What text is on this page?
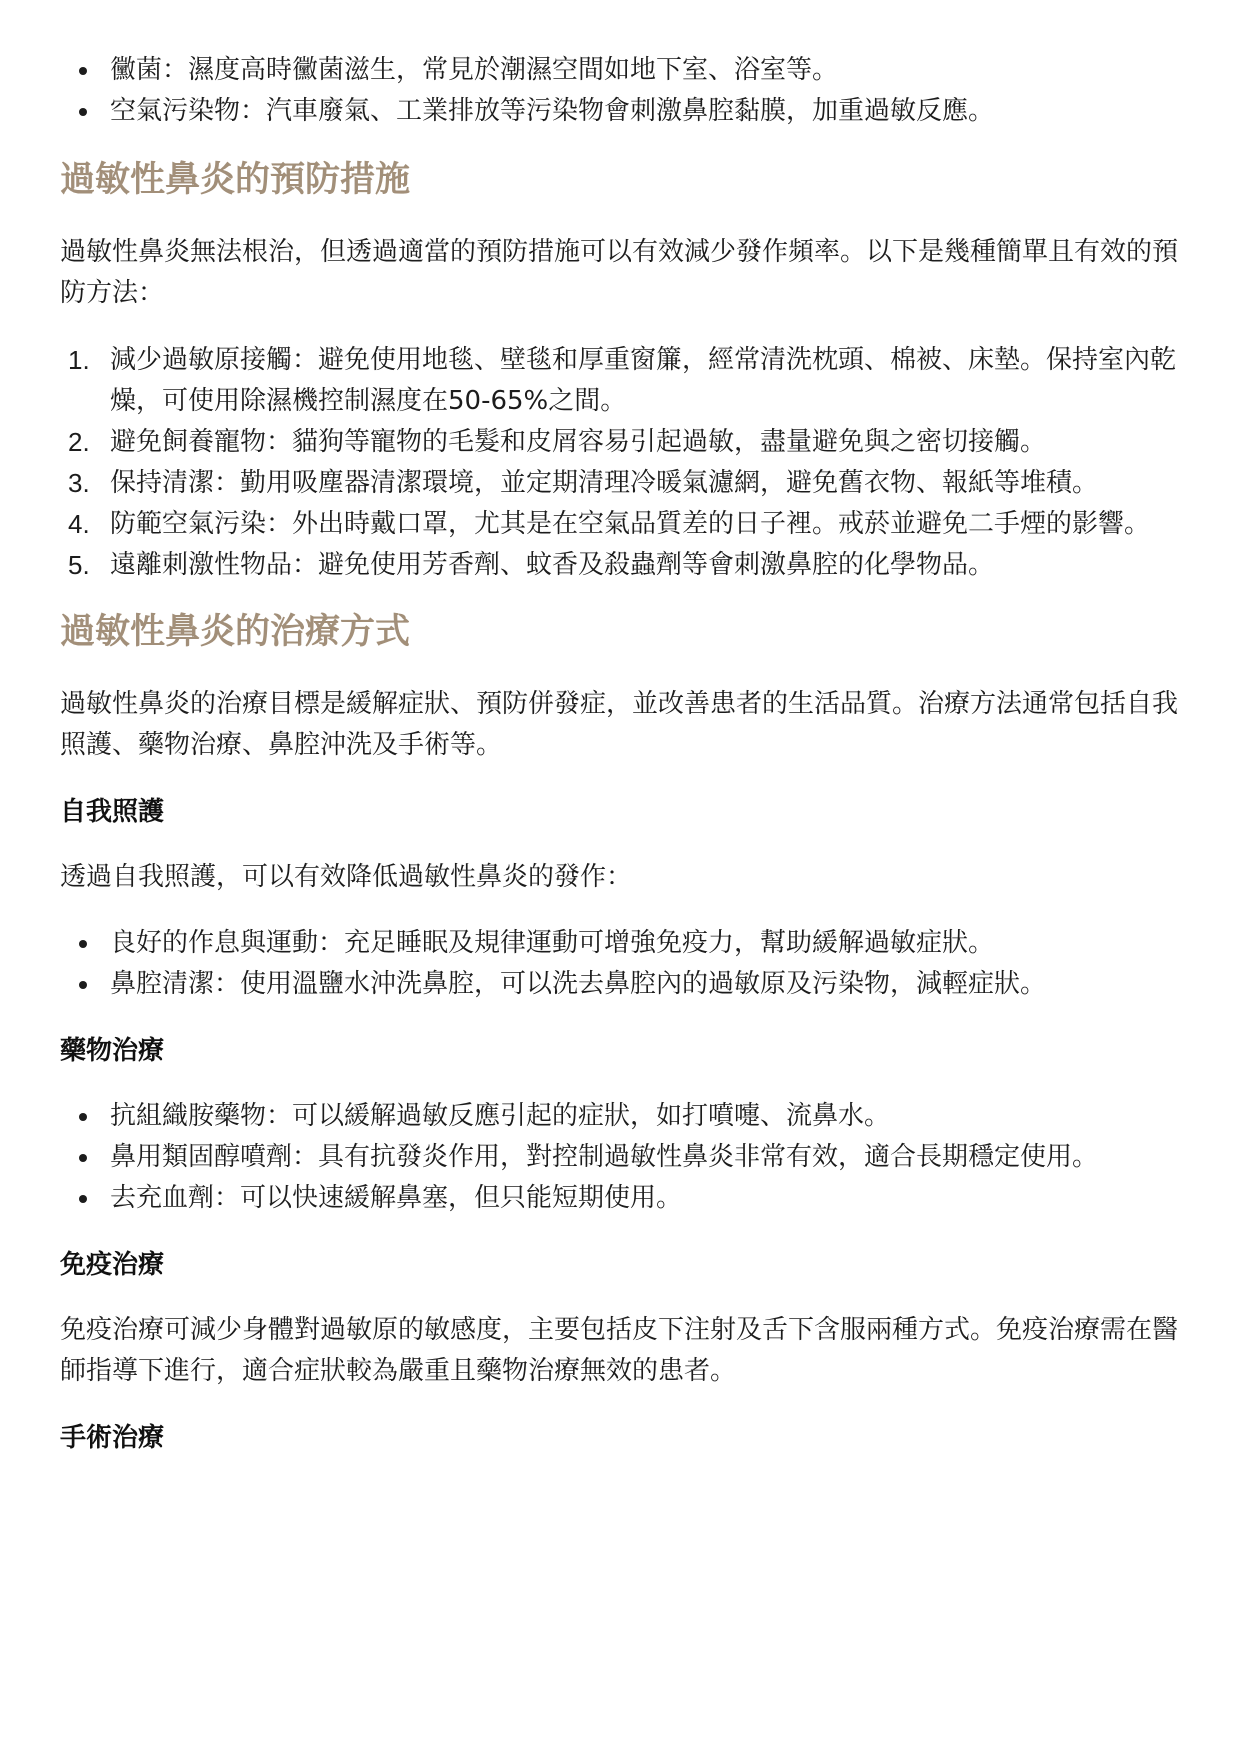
黴菌：濕度高時黴菌滋生，常見於潮濕空間如地下室、浴室等。
空氣污染物：汽車廢氣、工業排放等污染物會刺激鼻腔黏膜，加重過敏反應。
過敏性鼻炎的預防措施

過敏性鼻炎無法根治，但透過適當的預防措施可以有效減少發作頻率。以下是幾種簡單且有效的預防方法：

1. 減少過敏原接觸：避免使用地毯、壁毯和厚重窗簾，經常清洗枕頭、棉被、床墊。保持室內乾燥，可使用除濕機控制濕度在50-65%之間。
2. 避免飼養寵物：貓狗等寵物的毛髮和皮屑容易引起過敏，盡量避免與之密切接觸。
3. 保持清潔：勤用吸塵器清潔環境，並定期清理冷暖氣濾網，避免舊衣物、報紙等堆積。
4. 防範空氣污染：外出時戴口罩，尤其是在空氣品質差的日子裡。戒菸並避免二手煙的影響。
5. 遠離刺激性物品：避免使用芳香劑、蚊香及殺蟲劑等會刺激鼻腔的化學物品。
過敏性鼻炎的治療方式

過敏性鼻炎的治療目標是緩解症狀、預防併發症，並改善患者的生活品質。治療方法通常包括自我照護、藥物治療、鼻腔沖洗及手術等。

自我照護

透過自我照護，可以有效降低過敏性鼻炎的發作：

良好的作息與運動：充足睡眠及規律運動可增強免疫力，幫助緩解過敏症狀。
鼻腔清潔：使用溫鹽水沖洗鼻腔，可以洗去鼻腔內的過敏原及污染物，減輕症狀。
藥物治療
抗組織胺藥物：可以緩解過敏反應引起的症狀，如打噴嚏、流鼻水。
鼻用類固醇噴劑：具有抗發炎作用，對控制過敏性鼻炎非常有效，適合長期穩定使用。
去充血劑：可以快速緩解鼻塞，但只能短期使用。
免疫治療

免疫治療可減少身體對過敏原的敏感度，主要包括皮下注射及舌下含服兩種方式。免疫治療需在醫師指導下進行，適合症狀較為嚴重且藥物治療無效的患者。

手術治療
